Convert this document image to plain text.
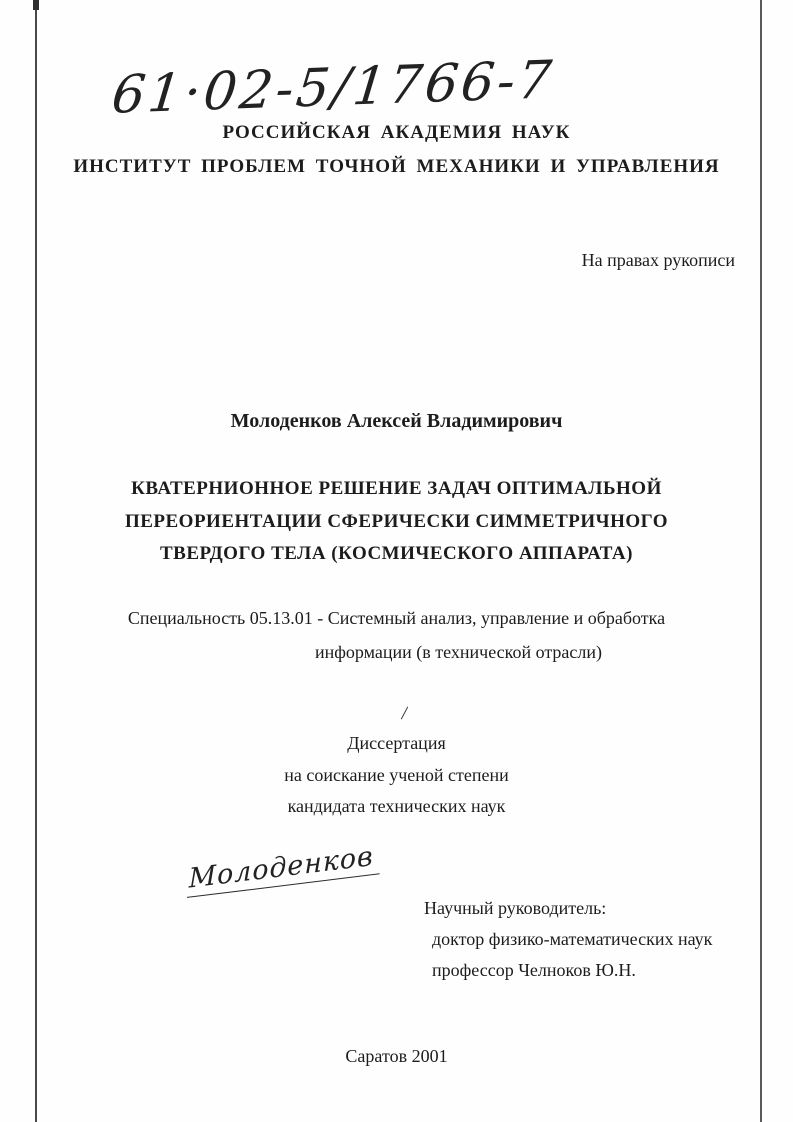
61·02-5/1766-7
РОССИЙСКАЯ АКАДЕМИЯ НАУК
ИНСТИТУТ ПРОБЛЕМ ТОЧНОЙ МЕХАНИКИ И УПРАВЛЕНИЯ
На правах рукописи
Молоденков Алексей Владимирович
КВАТЕРНИОННОЕ РЕШЕНИЕ ЗАДАЧ ОПТИМАЛЬНОЙ
ПЕРЕОРИЕНТАЦИИ СФЕРИЧЕСКИ СИММЕТРИЧНОГО
ТВЕРДОГО ТЕЛА (КОСМИЧЕСКОГО АППАРАТА)
Специальность 05.13.01 - Системный анализ, управление и обработка
информации (в технической отрасли)
Диссертация
на соискание ученой степени
кандидата технических наук
Молоденков
Научный руководитель:
доктор физико-математических наук
профессор Челноков Ю.Н.
Саратов 2001
